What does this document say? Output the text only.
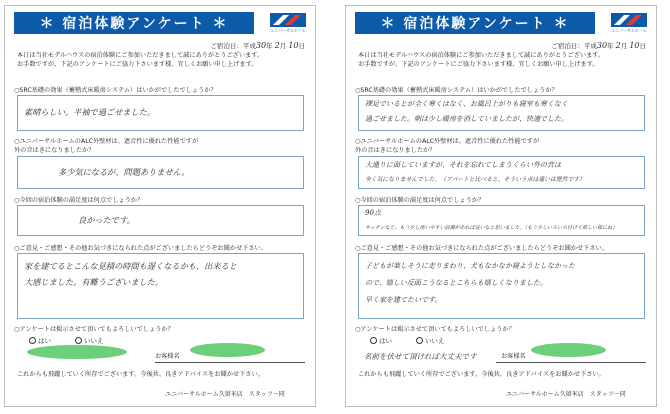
＊ 宿泊体験アンケート ＊	ユニバーサルホーム
ご宿泊日：平成30年 2月 10日
本日は当社モデルハウスの宿泊体験にご参加いただきまして誠にありがとうございます。
お手数ですが、下記のアンケートにご協力下さいます様、宜しくお願い申し上げます。
○SRC基礎の効果（蓄熱式床暖房システム）はいかがでしたでしょうか？
素晴らしい。半袖で過ごせました。
○ユニバーサルホームのALC外壁材は、遮音性に優れた性能ですが
外の音はきになりましたか？
多少気になるが、問題ありません。
○今回の宿泊体験の満足度は何点でしょうか？
良かったです。
○ご意見・ご感想・その他お気づきになられた点がございましたらどうぞお聞かせ下さい。
家を建てるとこんな見積の時間も遅くなるかも、出来ると
大感じました。有難うございました。
○アンケートは掲示させて頂いてもよろしいでしょうか？
はい	いいえ
お客様名
これからも飛躍していく所存でございます。今後共、良きアドバイスをお聞かせ下さい。
ユニバーサルホーム久留米店　スタッフ一同
＊ 宿泊体験アンケート ＊	ユニバーサルホーム
ご宿泊日：平成30年 2月 10日
本日は当社モデルハウスの宿泊体験にご参加いただきまして誠にありがとうございます。
お手数ですが、下記のアンケートにご協力下さいます様、宜しくお願い申し上げます。
○SRC基礎の効果（蓄熱式床暖房システム）はいかがでしたでしょうか？
裸足でいるとが全く寒くはなく、お風呂上がりも寝室も寒くなく
過ごせました。朝は少し暖房を消していましたが、快適でした。
○ユニバーサルホームのALC外壁材は、遮音性に優れた性能ですが
外の音はきになりましたか？
大通りに面していますが、それを忘れてしまうくらい外の音は
全く気になりませんでした。（アパートと比べると、そういう点は違いは歴然です）
○今回の宿泊体験の満足度は何点でしょうか？
90点
キッチンなど、もう少し使いやすい設備があれば良いなと思いました。（もう少しいろいろ付けて欲しい様にね）
○ご意見・ご感想・その他お気づきになられた点がございましたらどうぞお聞かせ下さい。
子どもが楽しそうに走りまわり、犬もなかなか寝ようとしなかった
ので、嬉しい反面こうなるとこちらも嬉しくなりました。
早く家を建てたいです。
○アンケートは掲示させて頂いてもよろしいでしょうか？
はい	いいえ
名前を伏せて頂ければ大丈夫です	お客様名
これからも飛躍していく所存でございます。今後共、良きアドバイスをお聞かせ下さい。
ユニバーサルホーム久留米店　スタッフ一同
